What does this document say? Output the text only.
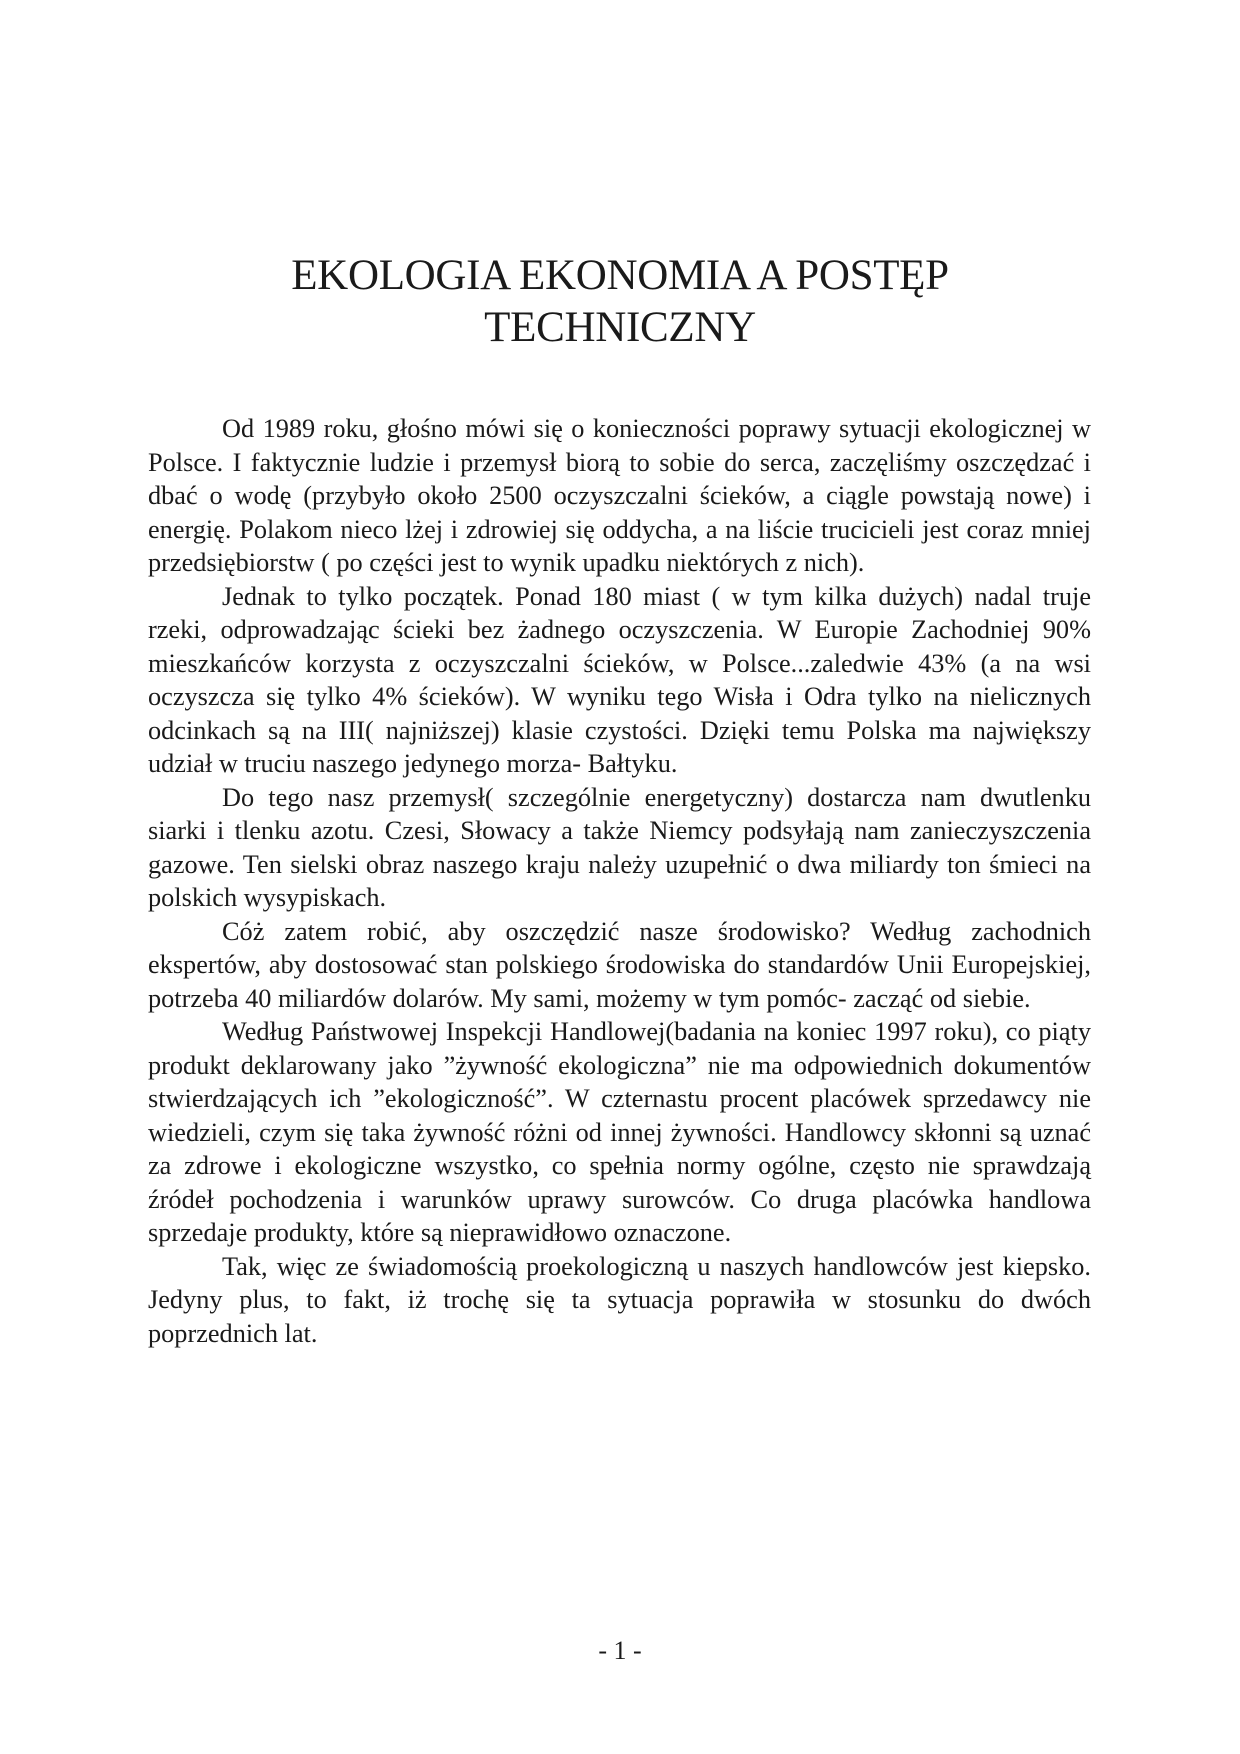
EKOLOGIA EKONOMIA A POSTĘP
TECHNICZNY

Od 1989 roku, głośno mówi się o konieczności poprawy sytuacji ekologicznej w Polsce. I faktycznie ludzie i przemysł biorą to sobie do serca, zaczęliśmy oszczędzać i dbać o wodę (przybyło około 2500 oczyszczalni ścieków, a ciągle powstają nowe) i energię. Polakom nieco lżej i zdrowiej się oddycha, a na liście trucicieli jest coraz mniej przedsiębiorstw ( po części jest to wynik upadku niektórych z nich).

Jednak to tylko początek. Ponad 180 miast ( w tym kilka dużych) nadal truje rzeki, odprowadzając ścieki bez żadnego oczyszczenia. W Europie Zachodniej 90% mieszkańców korzysta z oczyszczalni ścieków, w Polsce...zaledwie 43% (a na wsi oczyszcza się tylko 4% ścieków). W wyniku tego Wisła i Odra tylko na nielicznych odcinkach są na III( najniższej) klasie czystości. Dzięki temu Polska ma największy udział w truciu naszego jedynego morza- Bałtyku.

Do tego nasz przemysł( szczególnie energetyczny) dostarcza nam dwutlenku siarki i tlenku azotu. Czesi, Słowacy a także Niemcy podsyłają nam zanieczyszczenia gazowe. Ten sielski obraz naszego kraju należy uzupełnić o dwa miliardy ton śmieci na polskich wysypiskach.

Cóż zatem robić, aby oszczędzić nasze środowisko? Według zachodnich ekspertów, aby dostosować stan polskiego środowiska do standardów Unii Europejskiej, potrzeba 40 miliardów dolarów. My sami, możemy w tym pomóc- zacząć od siebie.

Według Państwowej Inspekcji Handlowej(badania na koniec 1997 roku), co piąty produkt deklarowany jako ”żywność ekologiczna” nie ma odpowiednich dokumentów stwierdzających ich ”ekologiczność”. W czternastu procent placówek sprzedawcy nie wiedzieli, czym się taka żywność różni od innej żywności. Handlowcy skłonni są uznać za zdrowe i ekologiczne wszystko, co spełnia normy ogólne, często nie sprawdzają źródeł pochodzenia i warunków uprawy surowców. Co druga placówka handlowa sprzedaje produkty, które są nieprawidłowo oznaczone.

Tak, więc ze świadomością proekologiczną u naszych handlowców jest kiepsko. Jedyny plus, to fakt, iż trochę się ta sytuacja poprawiła w stosunku do dwóch poprzednich lat.

- 1 -
